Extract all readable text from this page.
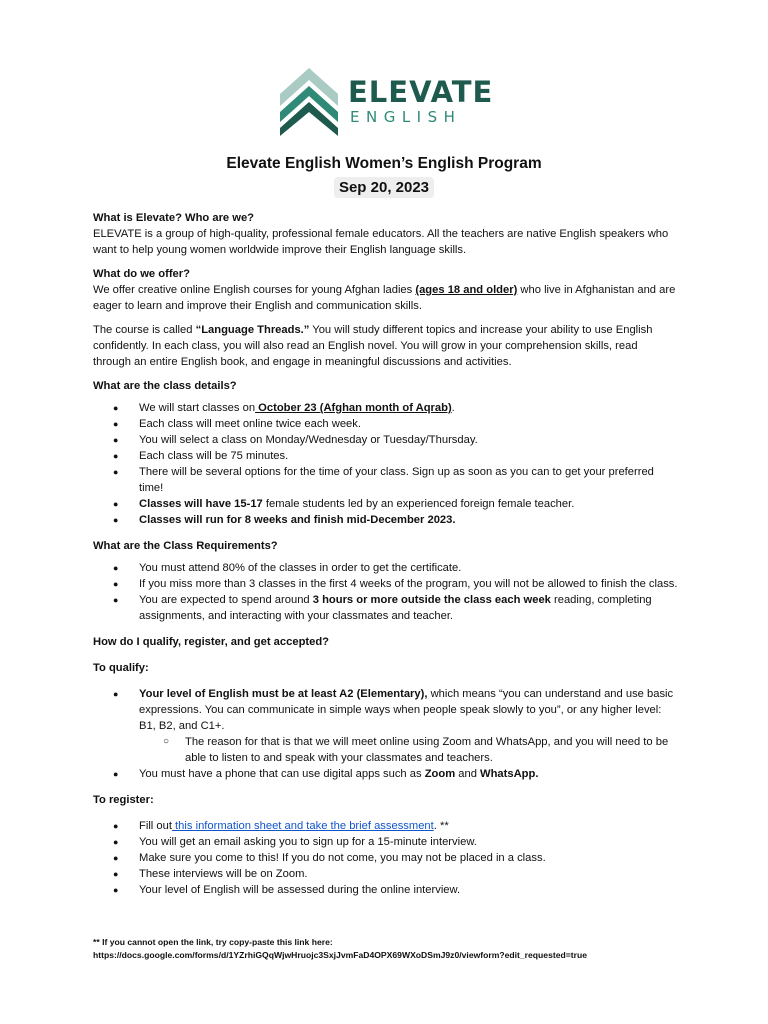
ELEVATE
ENGLISH
Elevate English Women’s English Program
Sep 20, 2023
What is Elevate? Who are we?

ELEVATE is a group of high-quality, professional female educators. All the teachers are native English speakers who want to help young women worldwide improve their English language skills.

What do we offer?

We offer creative online English courses for young Afghan ladies (ages 18 and older) who live in Afghanistan and are eager to learn and improve their English and communication skills.

The course is called “Language Threads.” You will study different topics and increase your ability to use English confidently. In each class, you will also read an English novel. You will grow in your comprehension skills, read through an entire English book, and engage in meaningful discussions and activities.

What are the class details?
● We will start classes on October 23 (Afghan month of Aqrab).
● Each class will meet online twice each week.
● You will select a class on Monday/Wednesday or Tuesday/Thursday.
● Each class will be 75 minutes.
● There will be several options for the time of your class. Sign up as soon as you can to get your preferred time!
● Classes will have 15-17 female students led by an experienced foreign female teacher.
● Classes will run for 8 weeks and finish mid-December 2023.
What are the Class Requirements?
● You must attend 80% of the classes in order to get the certificate.
● If you miss more than 3 classes in the first 4 weeks of the program, you will not be allowed to finish the class.
● You are expected to spend around 3 hours or more outside the class each week reading, completing assignments, and interacting with your classmates and teacher.
How do I qualify, register, and get accepted?
To qualify:
● Your level of English must be at least A2 (Elementary), which means “you can understand and use basic expressions. You can communicate in simple ways when people speak slowly to you”, or any higher level: B1, B2, and C1+.
○ The reason for that is that we will meet online using Zoom and WhatsApp, and you will need to be able to listen to and speak with your classmates and teachers.
● You must have a phone that can use digital apps such as Zoom and WhatsApp.
To register:
● Fill out this information sheet and take the brief assessment. **
● You will get an email asking you to sign up for a 15-minute interview.
● Make sure you come to this! If you do not come, you may not be placed in a class.
● These interviews will be on Zoom.
● Your level of English will be assessed during the online interview.
** If you cannot open the link, try copy-paste this link here:
https://docs.google.com/forms/d/1YZrhiGQqWjwHruojc3SxjJvmFaD4OPX69WXoDSmJ9z0/viewform?edit_requested=true
